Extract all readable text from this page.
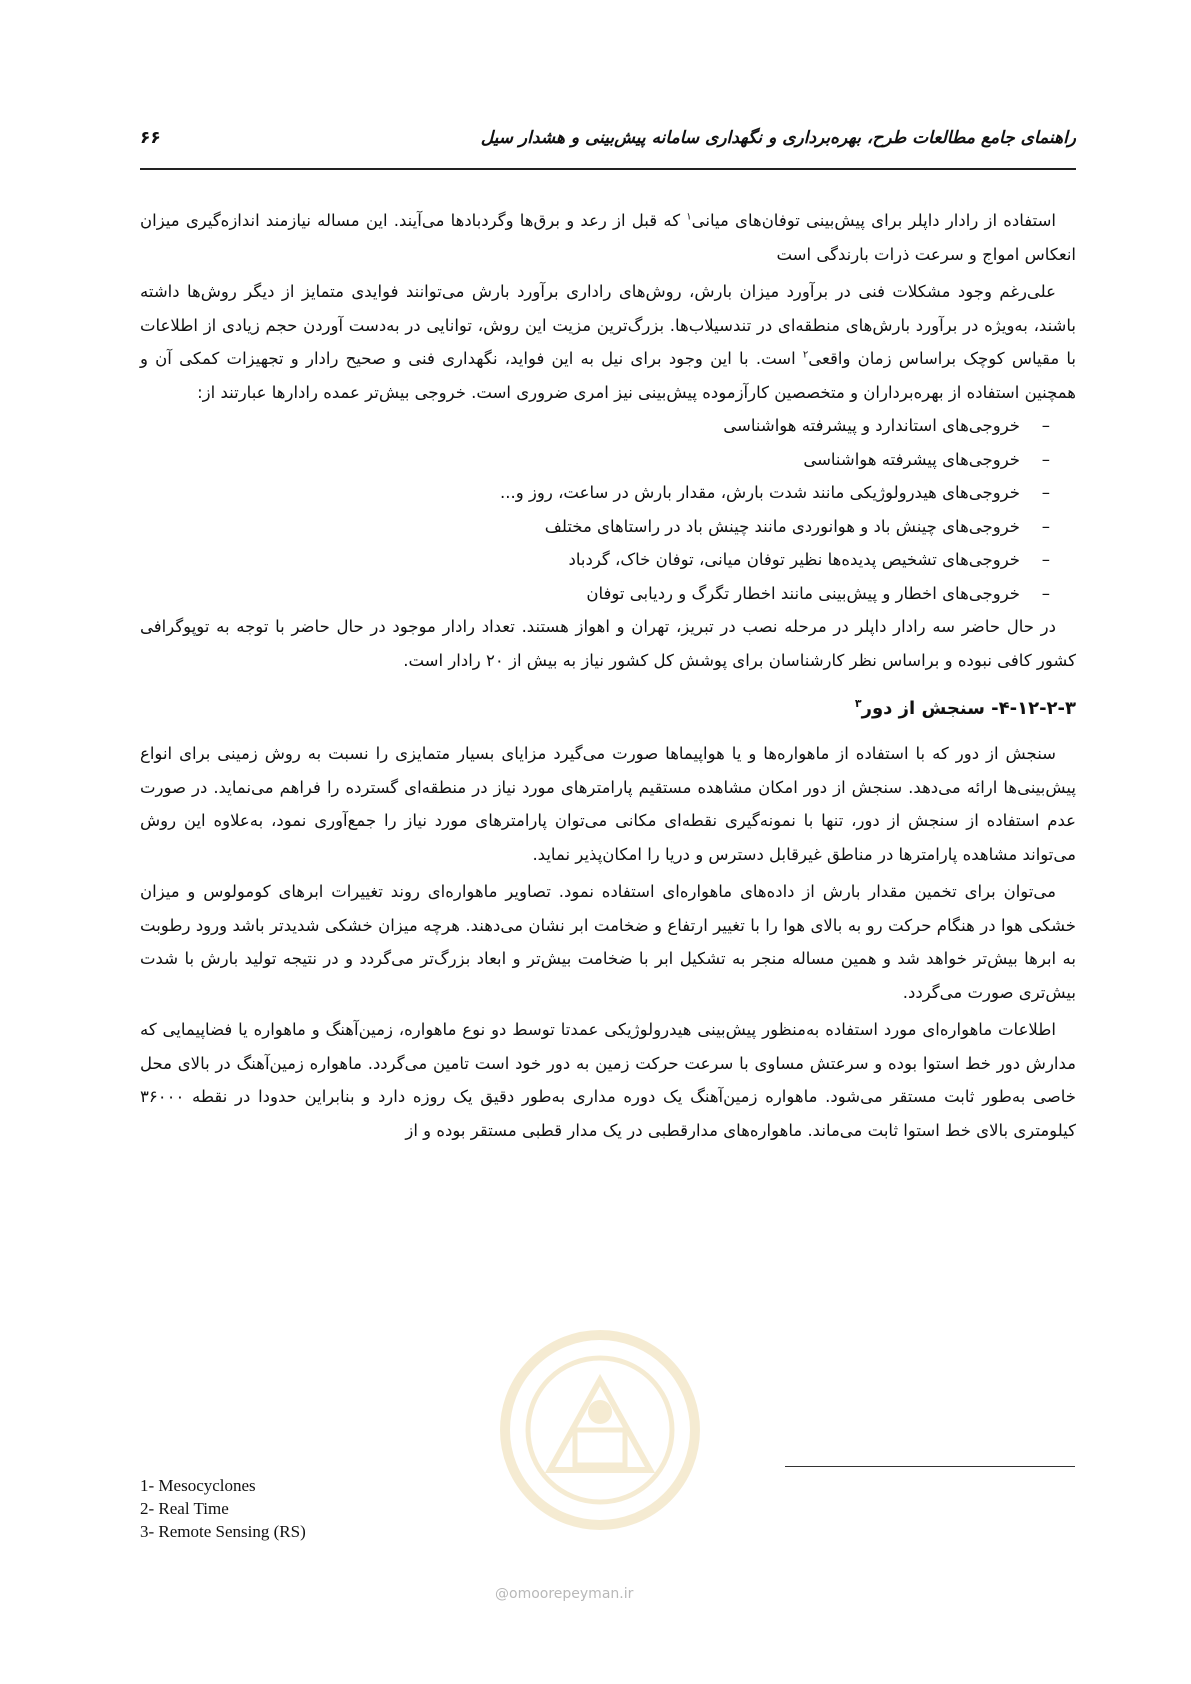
۶۶	راهنمای جامع مطالعات طرح، بهره‌برداری و نگهداری سامانه پیش‌بینی و هشدار سیل

استفاده از رادار داپلر برای پیش‌بینی توفان‌های میانی$^۱$ که قبل از رعد و برق‌ها وگردبادها می‌آیند. این مساله نیازمند اندازه‌گیری میزان انعکاس امواج و سرعت ذرات بارندگی است

علی‌رغم وجود مشکلات فنی در برآورد میزان بارش، روش‌های راداری برآورد بارش می‌توانند فوایدی متمایز از دیگر روش‌ها داشته باشند، به‌ویژه در برآورد بارش‌های منطقه‌ای در تندسیلاب‌ها. بزرگ‌ترین مزیت این روش، توانایی در به‌دست آوردن حجم زیادی از اطلاعات با مقیاس کوچک براساس زمان واقعی$^۲$ است. با این وجود برای نیل به این فواید، نگهداری فنی و صحیح رادار و تجهیزات کمکی آن و همچنین استفاده از بهره‌برداران و متخصصین کارآزموده پیش‌بینی نیز امری ضروری است. خروجی بیش‌تر عمده رادارها عبارتند از:

–
خروجی‌های استاندارد و پیشرفته هواشناسی
–
خروجی‌های پیشرفته هواشناسی
–
خروجی‌های هیدرولوژیکی مانند شدت بارش، مقدار بارش در ساعت، روز و...
–
خروجی‌های چینش باد و هوانوردی مانند چینش باد در راستاهای مختلف
–
خروجی‌های تشخیص پدیده‌ها نظیر توفان میانی، توفان خاک، گردباد
–
خروجی‌های اخطار و پیش‌بینی مانند اخطار تگرگ و ردیابی توفان

در حال حاضر سه رادار داپلر در مرحله نصب در تبریز، تهران و اهواز هستند. تعداد رادار موجود در حال حاضر با توجه به توپوگرافی کشور کافی نبوده و براساس نظر کارشناسان برای پوشش کل کشور نیاز به بیش از ۲۰ رادار است.

۴-۱۲-۲-۳- سنجش از دور$^۳$

سنجش از دور که با استفاده از ماهواره‌ها و یا هواپیماها صورت می‌گیرد مزایای بسیار متمایزی را نسبت به روش زمینی برای انواع پیش‌بینی‌ها ارائه می‌دهد. سنجش از دور امکان مشاهده مستقیم پارامترهای مورد نیاز در منطقه‌ای گسترده را فراهم می‌نماید. در صورت عدم استفاده از سنجش از دور، تنها با نمونه‌گیری نقطه‌ای مکانی می‌توان پارامترهای مورد نیاز را جمع‌آوری نمود، به‌علاوه این روش می‌تواند مشاهده پارامترها در مناطق غیرقابل دسترس و دریا را امکان‌پذیر نماید.

می‌توان برای تخمین مقدار بارش از داده‌های ماهواره‌ای استفاده نمود. تصاویر ماهواره‌ای روند تغییرات ابرهای کومولوس و میزان خشکی هوا در هنگام حرکت رو به بالای هوا را با تغییر ارتفاع و ضخامت ابر نشان می‌دهند. هرچه میزان خشکی شدیدتر باشد ورود رطوبت به ابرها بیش‌تر خواهد شد و همین مساله منجر به تشکیل ابر با ضخامت بیش‌تر و ابعاد بزرگ‌تر می‌گردد و در نتیجه تولید بارش با شدت بیش‌تری صورت می‌گردد.

اطلاعات ماهواره‌ای مورد استفاده به‌منظور پیش‌بینی هیدرولوژیکی عمدتا توسط دو نوع ماهواره، زمین‌آهنگ و ماهواره یا فضاپیمایی که مدارش دور خط استوا بوده و سرعتش مساوی با سرعت حرکت زمین به دور خود است تامین می‌گردد. ماهواره زمین‌آهنگ در بالای محل خاصی به‌طور ثابت مستقر می‌شود. ماهواره زمین‌آهنگ یک دوره مداری به‌طور دقیق یک روزه دارد و بنابراین حدودا در نقطه ۳۶۰۰۰ کیلومتری بالای خط استوا ثابت می‌ماند. ماهواره‌های مدارقطبی در یک مدار قطبی مستقر بوده و از

@omoorepeyman.ir
1- Mesocyclones
2- Real Time
3- Remote Sensing (RS)
